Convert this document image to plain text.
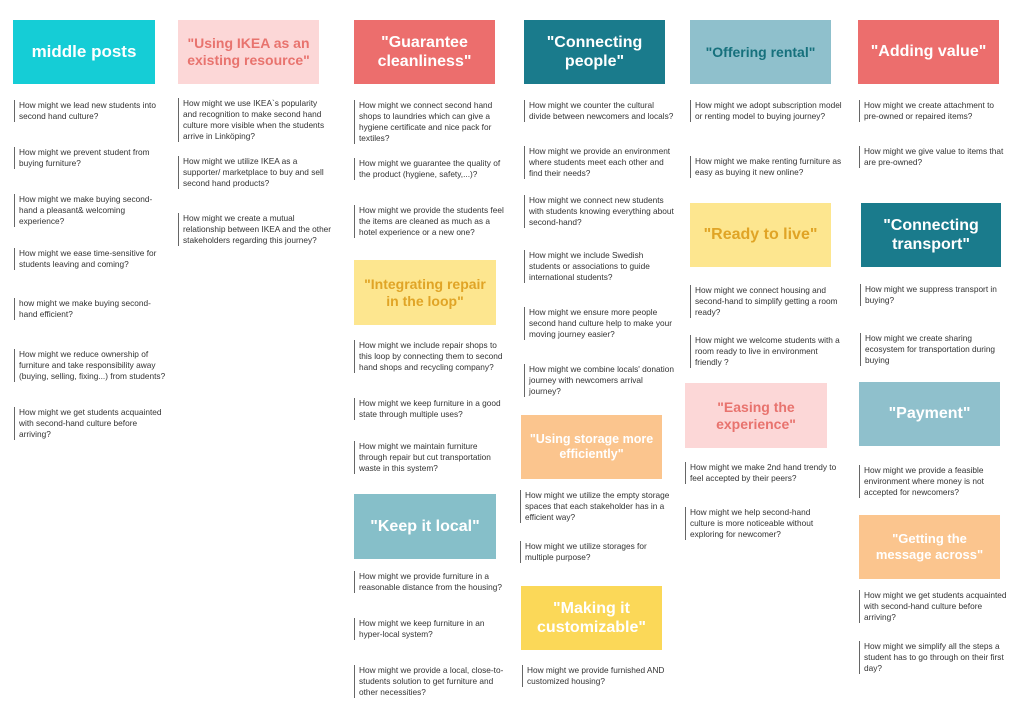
middle posts
How might we lead new students into second hand culture?
How might we prevent student from buying furniture?
How might we make buying second-hand a pleasant& welcoming experience?
How might we ease time-sensitive for students leaving and coming?
how might we make buying second-hand efficient?
How might we reduce ownership of furniture and take responsibility away (buying, selling, fixing...) from students?
How might we get students acquainted with second-hand culture before arriving?
"Using IKEA as an existing resource"
How might we use IKEA`s popularity and recognition to make second hand culture more visible when the students arrive in Linköping?
How might we utilize IKEA as a supporter/ marketplace to buy and sell second hand products?
How might we create a mutual relationship between IKEA and the other stakeholders regarding this journey?
"Guarantee cleanliness"
How might we connect second hand shops to laundries which can give a hygiene certificate and nice pack for textiles?
How might we guarantee the quality of the product (hygiene, safety,...)?
How might we provide the students feel the items are cleaned as much as a hotel experience or a new one?
"Integrating repair in the loop"
How might we include repair shops to this loop by connecting them to second hand shops and recycling company?
How might we keep furniture in a good state through multiple uses?
How might we maintain furniture through repair but cut transportation waste in this system?
"Keep it local"
How might we provide furniture in a reasonable distance from the housing?
How might we keep furniture in an hyper-local system?
How might we provide a local, close-to-students solution to get furniture and other necessities?
"Connecting people"
How might we counter the cultural divide between newcomers and locals?
How might we provide an environment where students meet each other and find their needs?
How might we connect new students with students knowing everything about second-hand?
How might we include Swedish students or associations to guide international students?
How might we ensure more people second hand culture help to make your moving journey easier?
How might we combine locals' donation journey with newcomers arrival journey?
"Using storage more efficiently"
How might we utilize the empty storage spaces that each stakeholder has in a efficient way?
How might we utilize storages for multiple purpose?
"Making it customizable"
How might we provide furnished AND customized housing?
"Offering rental"
How might we adopt subscription model or renting model to buying journey?
How might we make renting furniture as easy as buying it new online?
"Ready to live"
How might we connect housing and second-hand to simplify getting a room ready?
How might we welcome students with a room ready to live in environment friendly ?
"Easing the experience"
How might we make 2nd hand trendy to feel accepted by their peers?
How might we help second-hand culture is more noticeable without exploring for newcomer?
"Adding value"
How might we create attachment to pre-owned or repaired items?
How might we give value to items that are pre-owned?
"Connecting transport"
How might we suppress transport in buying?
How might we create sharing ecosystem for transportation during buying
"Payment"
How might we provide a feasible environment where money is not accepted for newcomers?
"Getting the message across"
How might we get students acquainted with second-hand culture before arriving?
How might we simplify all the steps a student has to go through on their first day?
